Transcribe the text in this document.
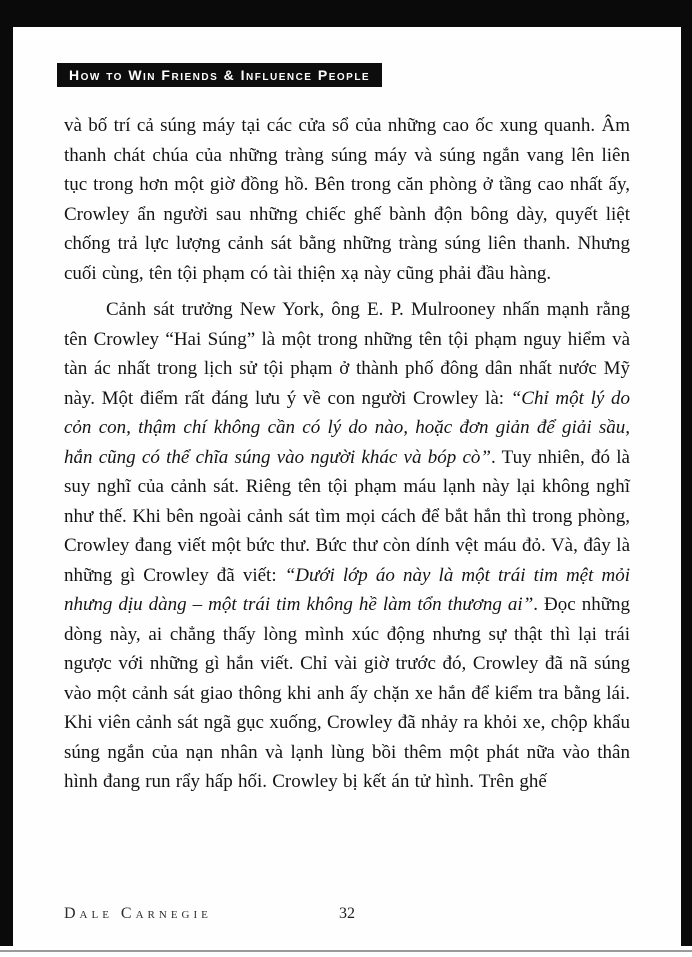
How to Win Friends & Influence People

và bố trí cả súng máy tại các cửa sổ của những cao ốc xung quanh. Âm thanh chát chúa của những tràng súng máy và súng ngắn vang lên liên tục trong hơn một giờ đồng hồ. Bên trong căn phòng ở tầng cao nhất ấy, Crowley ẩn người sau những chiếc ghế bành độn bông dày, quyết liệt chống trả lực lượng cảnh sát bằng những tràng súng liên thanh. Nhưng cuối cùng, tên tội phạm có tài thiện xạ này cũng phải đầu hàng.

Cảnh sát trưởng New York, ông E. P. Mulrooney nhấn mạnh rằng tên Crowley “Hai Súng” là một trong những tên tội phạm nguy hiểm và tàn ác nhất trong lịch sử tội phạm ở thành phố đông dân nhất nước Mỹ này. Một điểm rất đáng lưu ý về con người Crowley là: “Chỉ một lý do cỏn con, thậm chí không cần có lý do nào, hoặc đơn giản để giải sầu, hắn cũng có thể chĩa súng vào người khác và bóp cò”. Tuy nhiên, đó là suy nghĩ của cảnh sát. Riêng tên tội phạm máu lạnh này lại không nghĩ như thế. Khi bên ngoài cảnh sát tìm mọi cách để bắt hắn thì trong phòng, Crowley đang viết một bức thư. Bức thư còn dính vệt máu đỏ. Và, đây là những gì Crowley đã viết: “Dưới lớp áo này là một trái tim mệt mỏi nhưng dịu dàng – một trái tim không hề làm tổn thương ai”. Đọc những dòng này, ai chẳng thấy lòng mình xúc động nhưng sự thật thì lại trái ngược với những gì hắn viết. Chỉ vài giờ trước đó, Crowley đã nã súng vào một cảnh sát giao thông khi anh ấy chặn xe hắn để kiểm tra bằng lái. Khi viên cảnh sát ngã gục xuống, Crowley đã nhảy ra khỏi xe, chộp khẩu súng ngắn của nạn nhân và lạnh lùng bồi thêm một phát nữa vào thân hình đang run rẩy hấp hối. Crowley bị kết án tử hình. Trên ghế

Dale Carnegie	32
